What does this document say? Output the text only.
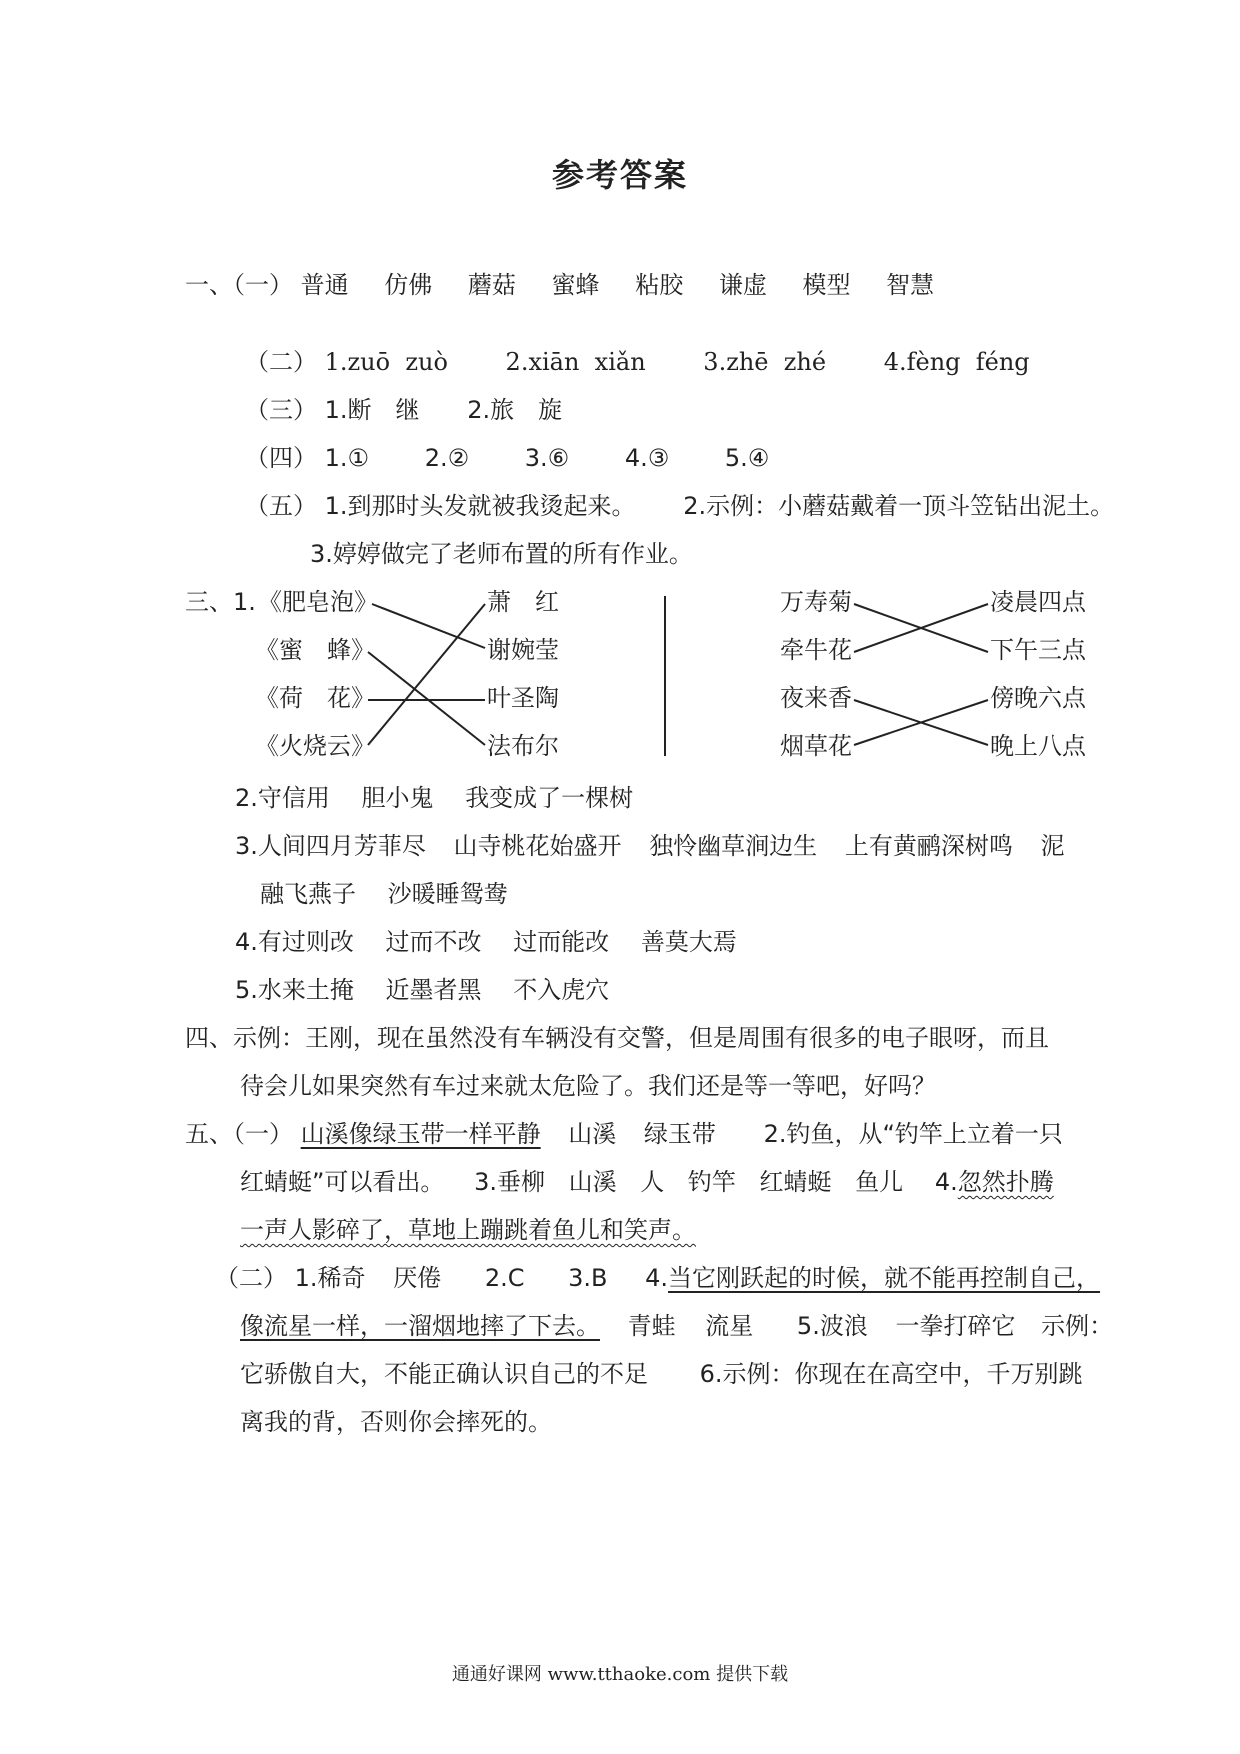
参考答案
一、（一） 普通 仿佛 蘑菇 蜜蜂 粘胶 谦虚 模型 智慧
（二） 1.zuō  zuò 2.xiān  xiǎn 3.zhē  zhé 4.fèng  féng
（三） 1.断　继 2.旅　旋
（四） 1.① 2.② 3.⑥ 4.③ 5.④
（五） 1.到那时头发就被我烫起来。 2.示例：小蘑菇戴着一顶斗笠钻出泥土。
3.婷婷做完了老师布置的所有作业。
三、1. 《肥皂泡》
《蜜　蜂》
《荷　花》
《火烧云》
萧　红
谢婉莹
叶圣陶
法布尔
万寿菊
牵牛花
夜来香
烟草花
凌晨四点
下午三点
傍晚六点
晚上八点
2.守信用 胆小鬼 我变成了一棵树
3.人间四月芳菲尽 山寺桃花始盛开 独怜幽草涧边生 上有黄鹂深树鸣 泥
融飞燕子 沙暖睡鸳鸯
4.有过则改 过而不改 过而能改 善莫大焉
5.水来土掩 近墨者黑 不入虎穴
四、示例：王刚，现在虽然没有车辆没有交警，但是周围有很多的电子眼呀，而且
待会儿如果突然有车过来就太危险了。我们还是等一等吧，好吗？
五、（一） 山溪像绿玉带一样平静 山溪 绿玉带 2.钓鱼，从“钓竿上立着一只
红蜻蜓”可以看出。 3.垂柳 山溪 人 钓竿 红蜻蜓 鱼儿 4.忽然扑腾
一声人影碎了，草地上蹦跳着鱼儿和笑声。
（二） 1.稀奇 厌倦 2.C 3.B 4.当它刚跃起的时候，就不能再控制自己，
像流星一样，一溜烟地摔了下去。 青蛙 流星 5.波浪 一拳打碎它 示例：
它骄傲自大，不能正确认识自己的不足 6.示例：你现在在高空中，千万别跳
离我的背，否则你会摔死的。
通通好课网 www.tthaoke.com 提供下载
